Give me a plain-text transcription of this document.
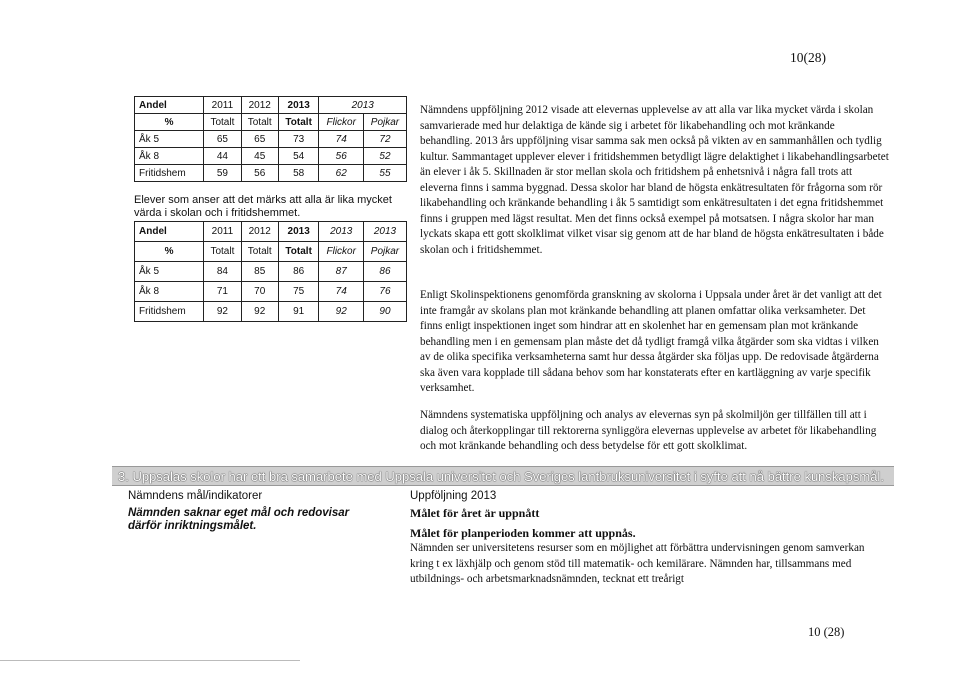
10(28)
Andel	2011	2012	2013	2013	
%	Totalt	Totalt	Totalt	Flickor	Pojkar
Åk 5	65	65	73	74	72
Åk 8	44	45	54	56	52
Fritidshem	59	56	58	62	55
Elever som anser att det märks att alla är lika mycket värda i skolan och i fritidshemmet.
Andel	2011	2012	2013	2013	2013
%	Totalt	Totalt	Totalt	Flickor	Pojkar
Åk 5	84	85	86	87	86
Åk 8	71	70	75	74	76
Fritidshem	92	92	91	92	90
Nämndens uppföljning 2012 visade att elevernas upplevelse av att alla var lika mycket värda i skolan samvarierade med hur delaktiga de kände sig i arbetet för likabehandling och mot kränkande behandling. 2013 års uppföljning visar samma sak men också på vikten av en sammanhållen och tydlig kultur. Sammantaget upplever elever i fritidshemmen betydligt lägre delaktighet i likabehandlingsarbetet än elever i åk 5. Skillnaden är stor mellan skola och fritidshem på enhetsnivå i några fall trots att eleverna finns i samma byggnad. Dessa skolor har bland de högsta enkätresultaten för frågorna som rör likabehandling och kränkande behandling i åk 5 samtidigt som enkätresultaten i det egna fritidshemmet finns i gruppen med lägst resultat. Men det finns också exempel på motsatsen. I några skolor har man lyckats skapa ett gott skolklimat vilket visar sig genom att de har bland de högsta enkätresultaten i både skolan och i fritidshemmet.
Enligt Skolinspektionens genomförda granskning av skolorna i Uppsala under året är det vanligt att det inte framgår av skolans plan mot kränkande behandling att planen omfattar olika verksamheter. Det finns enligt inspektionen inget som hindrar att en skolenhet har en gemensam plan mot kränkande behandling men i en gemensam plan måste det då tydligt framgå vilka åtgärder som ska vidtas i vilken av de olika specifika verksamheterna samt hur dessa åtgärder ska följas upp. De redovisade åtgärderna ska även vara kopplade till sådana behov som har konstaterats efter en kartläggning av varje specifik verksamhet.
Nämndens systematiska uppföljning och analys av elevernas syn på skolmiljön ger tillfällen till att i dialog och återkopplingar till rektorerna synliggöra elevernas upplevelse av arbetet för likabehandling och mot kränkande behandling och dess betydelse för ett gott skolklimat.
3. Uppsalas skolor har ett bra samarbete med Uppsala universitet och Sveriges lantbruksuniversitet i syfte att nå bättre kunskapsmål.
Nämndens mål/indikatorer
Nämnden saknar eget mål och redovisar därför inriktningsmålet.
Uppföljning 2013
Målet för året är uppnått
Målet för planperioden kommer att uppnås.
Nämnden ser universitetens resurser som en möjlighet att förbättra undervisningen genom samverkan kring t ex läxhjälp och genom stöd till matematik- och kemilärare. Nämnden har, tillsammans med utbildnings- och arbetsmarknadsnämnden, tecknat ett treårigt
10 (28)
